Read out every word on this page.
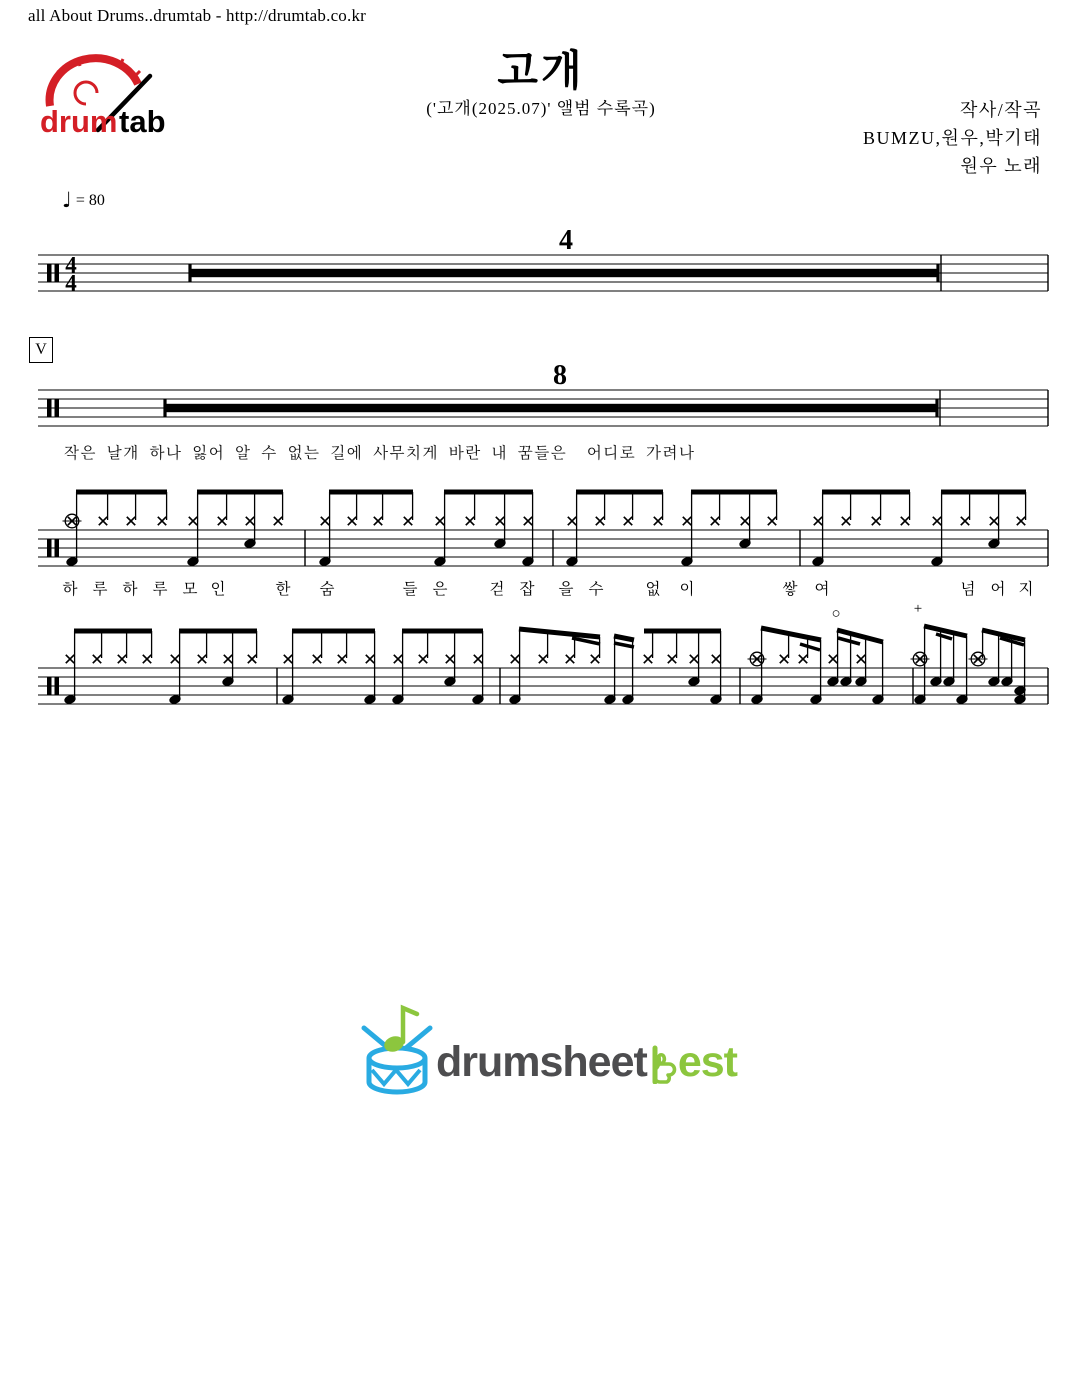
4
4
4
8
○	+
all About Drums..drumtab - http://drumtab.co.kr
drum tab
고개
('고개(2025.07)' 앨범 수록곡)	작사/작곡
BUMZU,원우,박기태
원우 노래
♩ = 80
V
작은 날개 하나 잃어 알 수 없는 길에 사무치게 바란 내 꿈들은  어디로 가려나
drumsheet est
하 루 하 루 모 인	한 숨	들 은	걷 잡 을 수	없 이	쌓 여	넘 어 지
